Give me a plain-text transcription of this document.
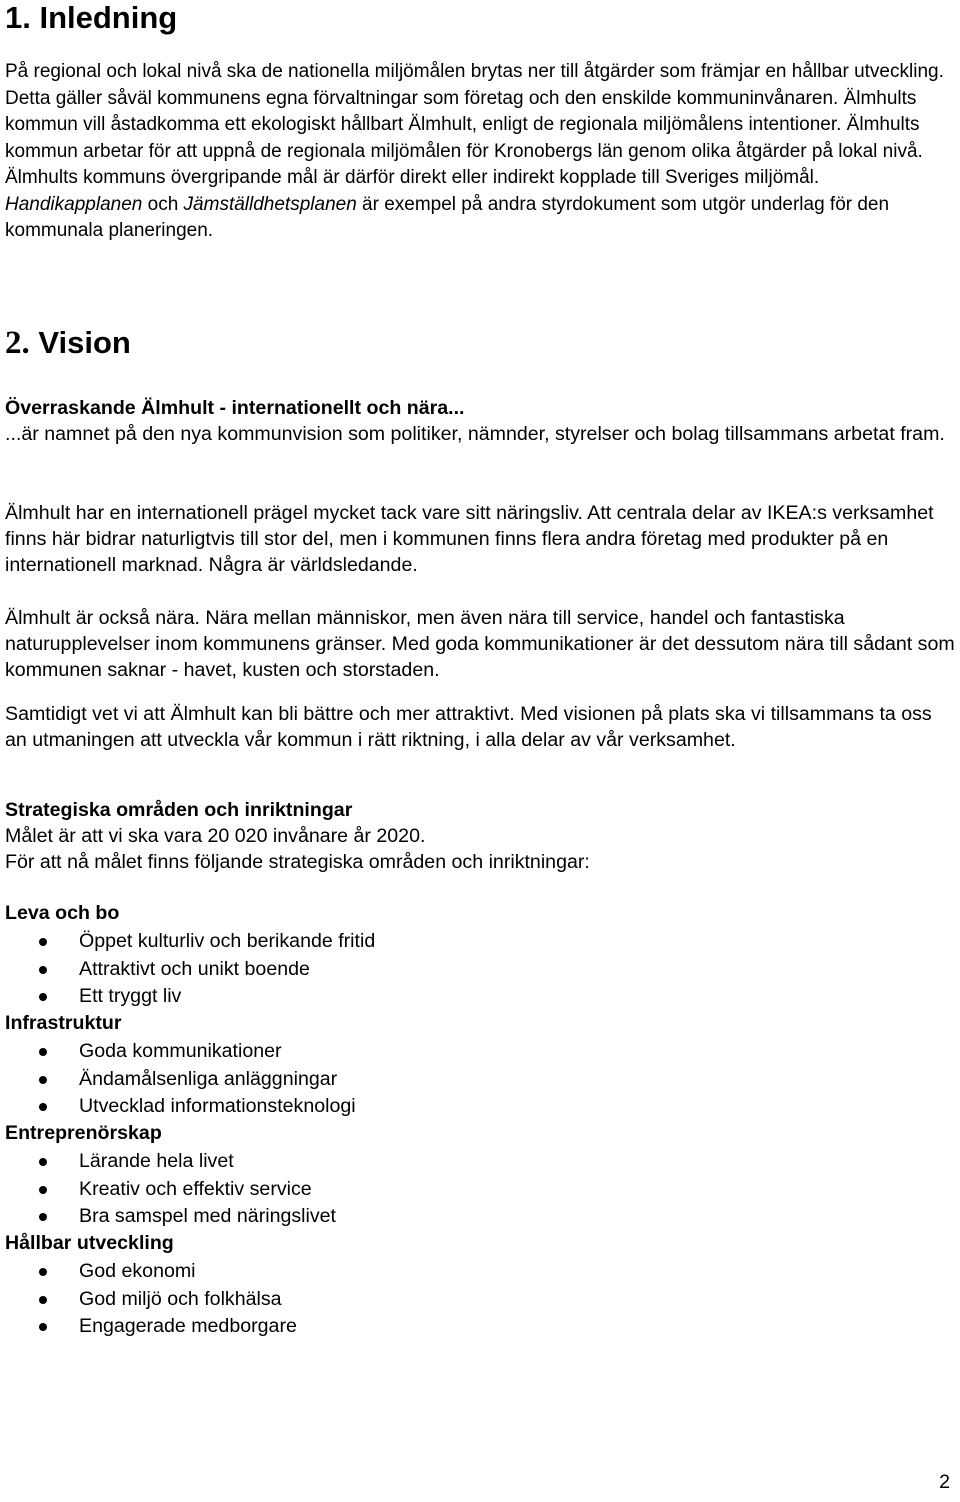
1. Inledning

På regional och lokal nivå ska de nationella miljömålen brytas ner till åtgärder som främjar en hållbar utveckling. Detta gäller såväl kommunens egna förvaltningar som företag och den enskilde kommuninvånaren. Älmhults kommun vill åstadkomma ett ekologiskt hållbart Älmhult, enligt de regionala miljömålens intentioner. Älmhults kommun arbetar för att uppnå de regionala miljömålen för Kronobergs län genom olika åtgärder på lokal nivå. Älmhults kommuns övergripande mål är därför direkt eller indirekt kopplade till Sveriges miljömål. Handikapplanen och Jämställdhetsplanen är exempel på andra styrdokument som utgör underlag för den kommunala planeringen.

2. Vision

Överraskande Älmhult - internationellt och nära...
...är namnet på den nya kommunvision som politiker, nämnder, styrelser och bolag tillsammans arbetat fram.

Älmhult har en internationell prägel mycket tack vare sitt näringsliv. Att centrala delar av IKEA:s verksamhet finns här bidrar naturligtvis till stor del, men i kommunen finns flera andra företag med produkter på en internationell marknad. Några är världsledande.

Älmhult är också nära. Nära mellan människor, men även nära till service, handel och fantastiska naturupplevelser inom kommunens gränser. Med goda kommunikationer är det dessutom nära till sådant som kommunen saknar - havet, kusten och storstaden.

Samtidigt vet vi att Älmhult kan bli bättre och mer attraktivt. Med visionen på plats ska vi tillsammans ta oss an utmaningen att utveckla vår kommun i rätt riktning, i alla delar av vår verksamhet.

Strategiska områden och inriktningar
Målet är att vi ska vara 20 020 invånare år 2020.
För att nå målet finns följande strategiska områden och inriktningar:

Leva och bo
Öppet kulturliv och berikande fritid
Attraktivt och unikt boende
Ett tryggt liv
Infrastruktur
Goda kommunikationer
Ändamålsenliga anläggningar
Utvecklad informationsteknologi
Entreprenörskap
Lärande hela livet
Kreativ och effektiv service
Bra samspel med näringslivet
Hållbar utveckling
God ekonomi
God miljö och folkhälsa
Engagerade medborgare
2
